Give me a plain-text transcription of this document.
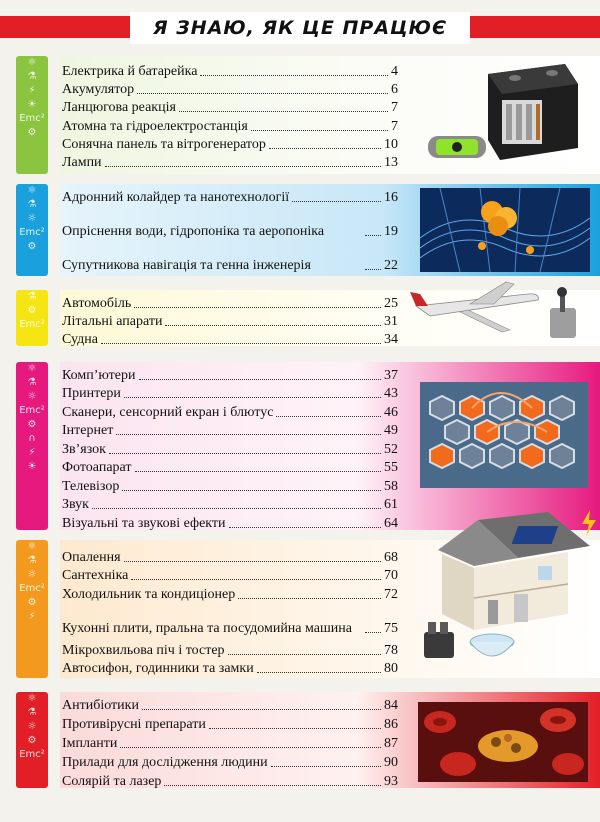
Я ЗНАЮ, ЯК ЦЕ ПРАЦЮЄ
⚛
⚗
⚡
☀
Emc²
⚙
Електрика й батарейка	4
Акумулятор	6
Ланцюгова реакція	7
Атомна та гідроелектростанція	7
Сонячна панель та вітрогенератор	10
Лампи	13
⚛
⚗
☼
Emc²
⚙
Адронний колайдер та нанотехнології	16
Опріснення води, гідропоніка та аеропоніка	19
Супутникова навігація та генна інженерія	22
⚗
⚙
Emc²
Автомобіль	25
Літальні апарати	31
Судна	34
⚛
⚗
☼
Emc²
⚙
∩
⚡
☀
Комп’ютери	37
Принтери	43
Сканери, сенсорний екран і блютус	46
Інтернет	49
Зв’язок	52
Фотоапарат	55
Телевізор	58
Звук	61
Візуальні та звукові ефекти	64
⚛
⚗
☼
Emc²
⚙
⚡
Опалення	68
Сантехніка	70
Холодильник та кондиціонер	72
Кухонні плити, пральна та посудомийна машина	75
Мікрохвильова піч і тостер	78
Автосифон, годинники та замки	80
⚛
⚗
☼
⚙
Emc²
Антибіотики	84
Противірусні препарати	86
Імпланти	87
Прилади для дослідження людини	90
Солярій та лазер	93
